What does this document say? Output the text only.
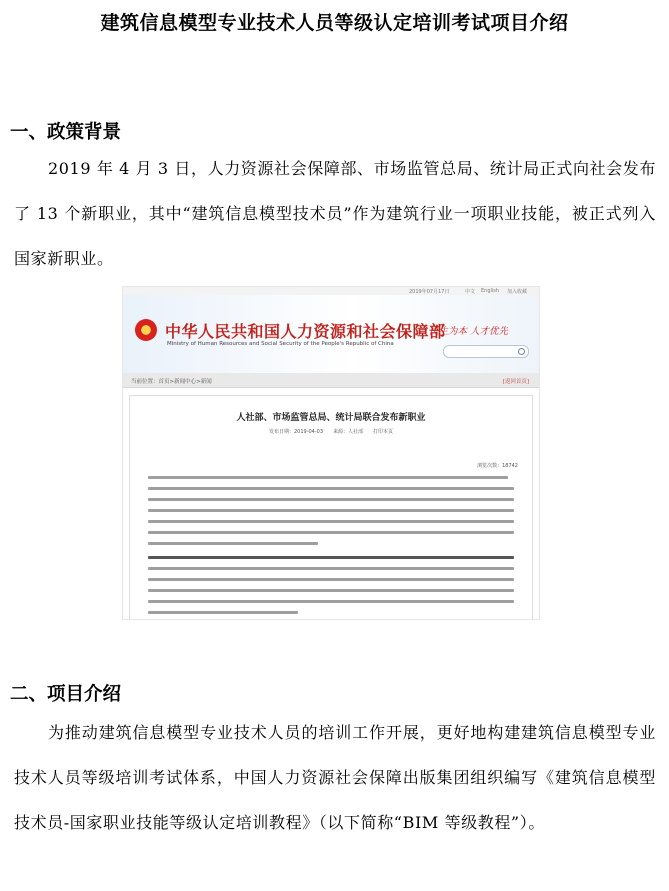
建筑信息模型专业技术人员等级认定培训考试项目介绍
一、政策背景

2019 年 4 月 3 日，人力资源社会保障部、市场监管总局、统计局正式向社会发布了 13 个新职业，其中“建筑信息模型技术员”作为建筑行业一项职业技能，被正式列入国家新职业。

2019年07月17日	中文 English 加入收藏
中华人民共和国人力资源和社会保障部
Ministry of Human Resources and Social Security of the People's Republic of China
民生为本 人才优先
当前位置：首页>新闻中心>新闻	[返回首页]
人社部、市场监管总局、统计局联合发布新职业
发布日期：2019-04-03　　来源：人社部　　打印本页
浏览次数：18742
二、项目介绍

为推动建筑信息模型专业技术人员的培训工作开展，更好地构建建筑信息模型专业技术人员等级培训考试体系，中国人力资源社会保障出版集团组织编写《建筑信息模型技术员-国家职业技能等级认定培训教程》（以下简称“BIM 等级教程”）。
